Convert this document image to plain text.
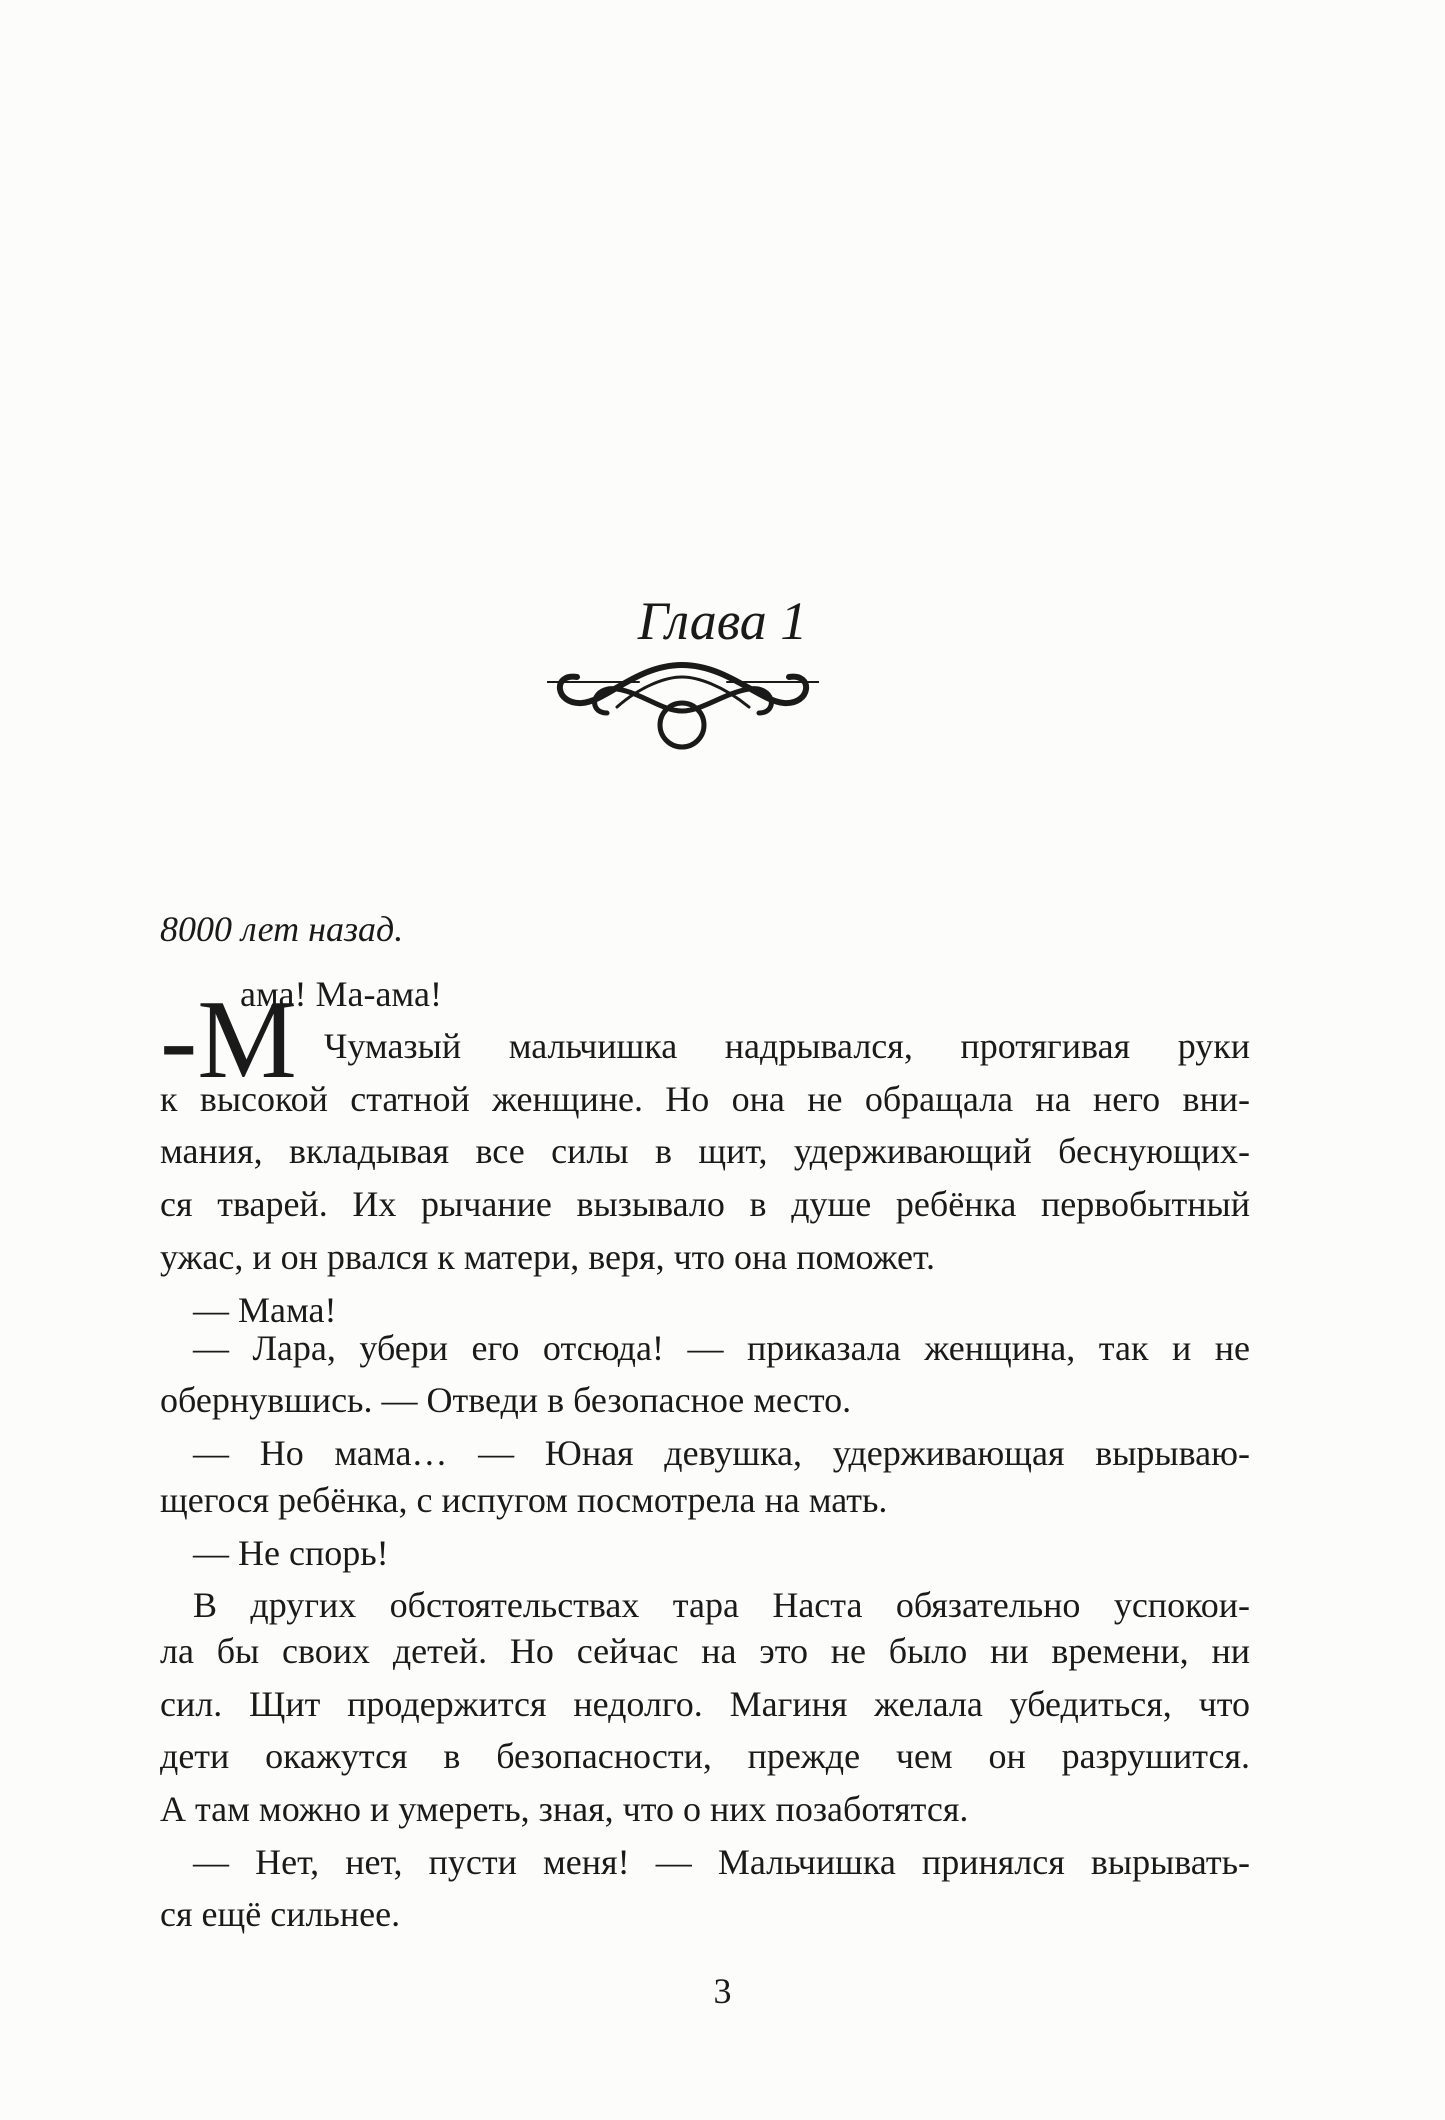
Глава 1
8000 лет назад.
-М
ама! Ма-ама!
Чумазый мальчишка надрывался, протягивая руки
к высокой статной женщине. Но она не обращала на него вни-
мания, вкладывая все силы в щит, удерживающий беснующих-
ся тварей. Их рычание вызывало в душе ребёнка первобытный
ужас, и он рвался к матери, веря, что она поможет.
— Мама!
— Лара, убери его отсюда! — приказала женщина, так и не
обернувшись. — Отведи в безопасное место.
— Но мама… — Юная девушка, удерживающая вырываю-
щегося ребёнка, с испугом посмотрела на мать.
— Не спорь!
В других обстоятельствах тара Наста обязательно успокои-
ла бы своих детей. Но сейчас на это не было ни времени, ни
сил. Щит продержится недолго. Магиня желала убедиться, что
дети окажутся в безопасности, прежде чем он разрушится.
А там можно и умереть, зная, что о них позаботятся.
— Нет, нет, пусти меня! — Мальчишка принялся вырывать-
ся ещё сильнее.
3
